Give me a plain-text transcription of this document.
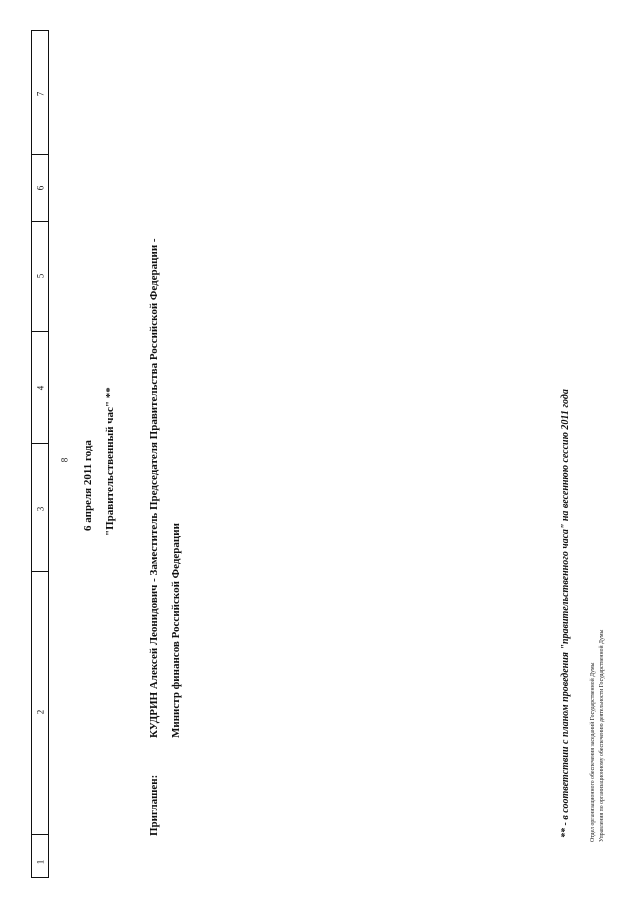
1
2
3
4
5
6
7
8 6 апреля 2011 года "Правительственный час" **
Приглашен:
КУДРИН Алексей Леонидович - Заместитель Председателя Правительства Российской Федерации - Министр финансов Российской Федерации	** - в соответствии с планом проведения "правительственного часа" на весеннюю сессию 2011 года	Отдел организационного обеспечения заседаний Государственной Думы Управления по организационному обеспечению деятельности Государственной Думы
